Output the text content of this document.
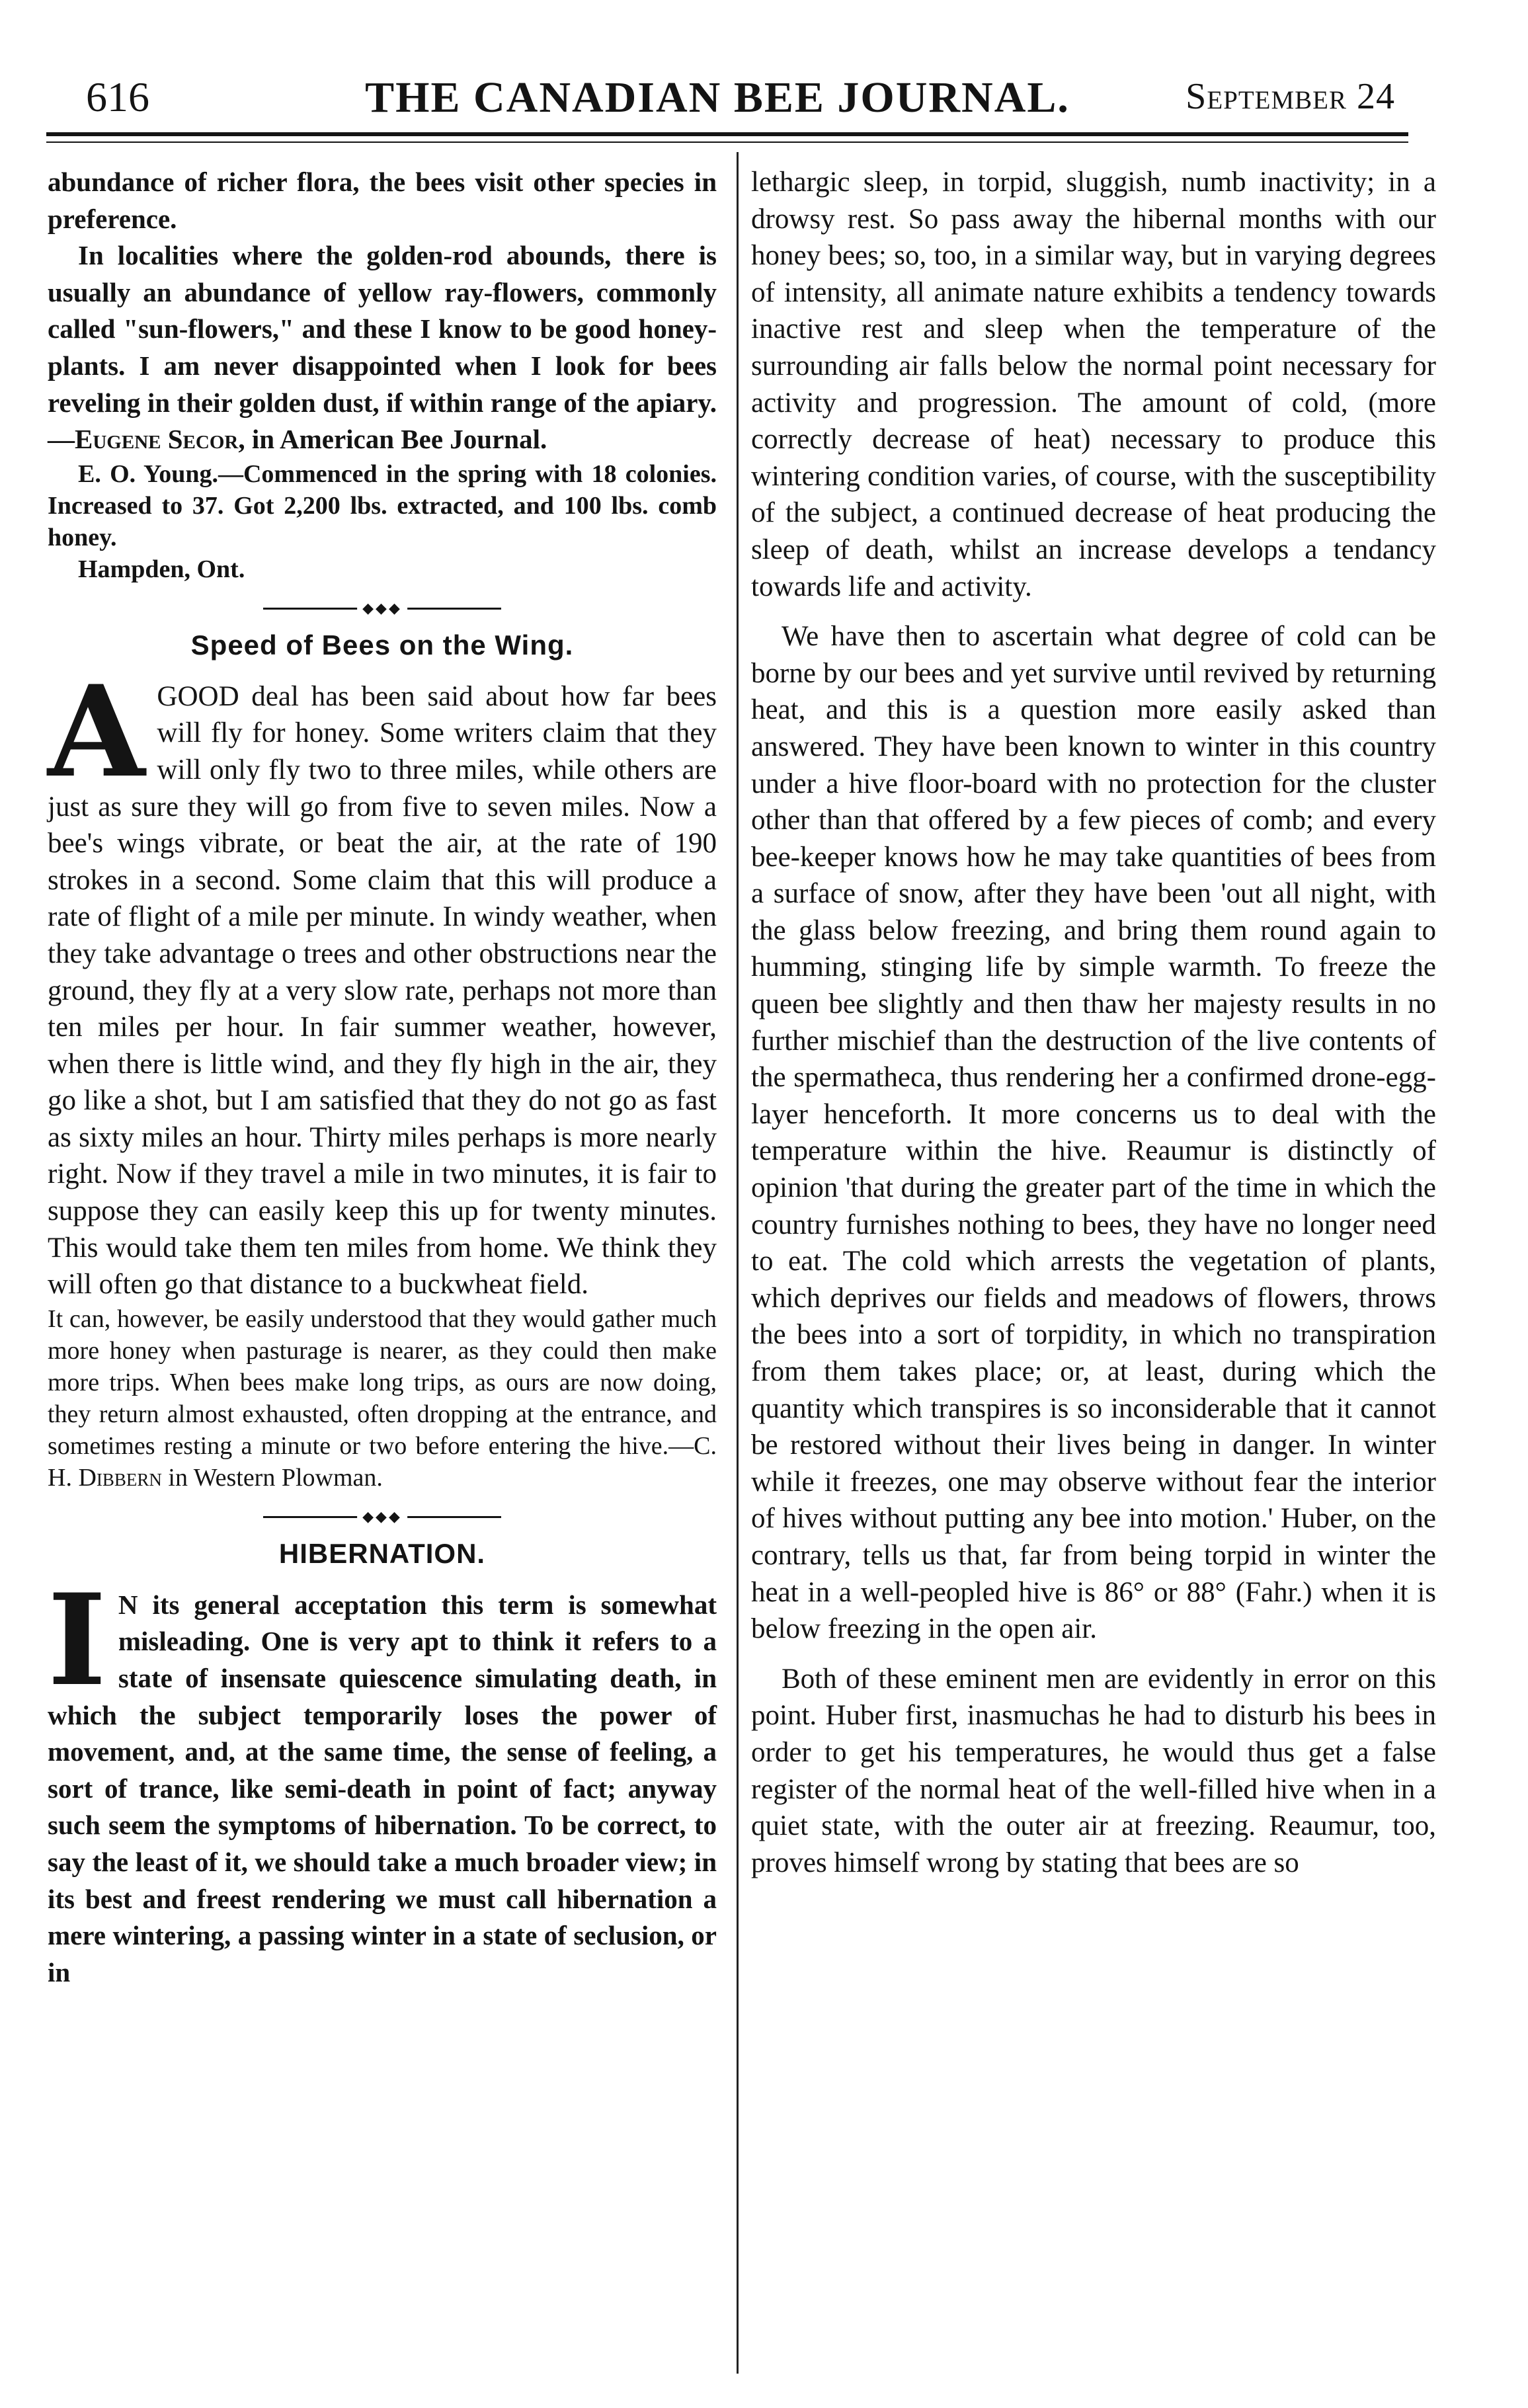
616	THE CANADIAN BEE JOURNAL.	September 24

abundance of richer flora, the bees visit other species in preference.

In localities where the golden-rod abounds, there is usually an abundance of yellow ray-flowers, commonly called "sun-flowers," and these I know to be good honey-plants. I am never disappointed when I look for bees reveling in their golden dust, if within range of the apiary.—Eugene Secor, in American Bee Journal.

E. O. Young.—Commenced in the spring with 18 colonies. Increased to 37. Got 2,200 lbs. extracted, and 100 lbs. comb honey.

Hampden, Ont.

◆◆◆
Speed of Bees on the Wing.

AGOOD deal has been said about how far bees will fly for honey. Some writers claim that they will only fly two to three miles, while others are just as sure they will go from five to seven miles. Now a bee's wings vibrate, or beat the air, at the rate of 190 strokes in a second. Some claim that this will produce a rate of flight of a mile per minute. In windy weather, when they take advantage o trees and other obstructions near the ground, they fly at a very slow rate, perhaps not more than ten miles per hour. In fair summer weather, however, when there is little wind, and they fly high in the air, they go like a shot, but I am satisfied that they do not go as fast as sixty miles an hour. Thirty miles perhaps is more nearly right. Now if they travel a mile in two minutes, it is fair to suppose they can easily keep this up for twenty minutes. This would take them ten miles from home. We think they will often go that distance to a buckwheat field.

It can, however, be easily understood that they would gather much more honey when pasturage is nearer, as they could then make more trips. When bees make long trips, as ours are now doing, they return almost exhausted, often dropping at the entrance, and sometimes resting a minute or two before entering the hive.—C. H. Dibbern in Western Plowman.

◆◆◆
HIBERNATION.

I N its general acceptation this term is somewhat misleading. One is very apt to think it refers to a state of insensate quiescence simulating death, in which the subject temporarily loses the power of movement, and, at the same time, the sense of feeling, a sort of trance, like semi-death in point of fact; anyway such seem the symptoms of hibernation. To be correct, to say the least of it, we should take a much broader view; in its best and freest rendering we must call hibernation a mere wintering, a passing winter in a state of seclusion, or in

lethargic sleep, in torpid, sluggish, numb inactivity; in a drowsy rest. So pass away the hibernal months with our honey bees; so, too, in a similar way, but in varying degrees of intensity, all animate nature exhibits a tendency towards inactive rest and sleep when the temperature of the surrounding air falls below the normal point necessary for activity and progression. The amount of cold, (more correctly decrease of heat) necessary to produce this wintering condition varies, of course, with the susceptibility of the subject, a continued decrease of heat producing the sleep of death, whilst an increase develops a tendancy towards life and activity.

We have then to ascertain what degree of cold can be borne by our bees and yet survive until revived by returning heat, and this is a question more easily asked than answered. They have been known to winter in this country under a hive floor-board with no protection for the cluster other than that offered by a few pieces of comb; and every bee-keeper knows how he may take quantities of bees from a surface of snow, after they have been 'out all night, with the glass below freezing, and bring them round again to humming, stinging life by simple warmth. To freeze the queen bee slightly and then thaw her majesty results in no further mischief than the destruction of the live contents of the spermatheca, thus rendering her a confirmed drone-egg-layer henceforth. It more concerns us to deal with the temperature within the hive. Reaumur is distinctly of opinion 'that during the greater part of the time in which the country furnishes nothing to bees, they have no longer need to eat. The cold which arrests the vegetation of plants, which deprives our fields and meadows of flowers, throws the bees into a sort of torpidity, in which no transpiration from them takes place; or, at least, during which the quantity which transpires is so inconsiderable that it cannot be restored without their lives being in danger. In winter while it freezes, one may observe without fear the interior of hives without putting any bee into motion.' Huber, on the contrary, tells us that, far from being torpid in winter the heat in a well-peopled hive is 86° or 88° (Fahr.) when it is below freezing in the open air.

Both of these eminent men are evidently in error on this point. Huber first, inasmuchas he had to disturb his bees in order to get his temperatures, he would thus get a false register of the normal heat of the well-filled hive when in a quiet state, with the outer air at freezing. Reaumur, too, proves himself wrong by stating that bees are so
